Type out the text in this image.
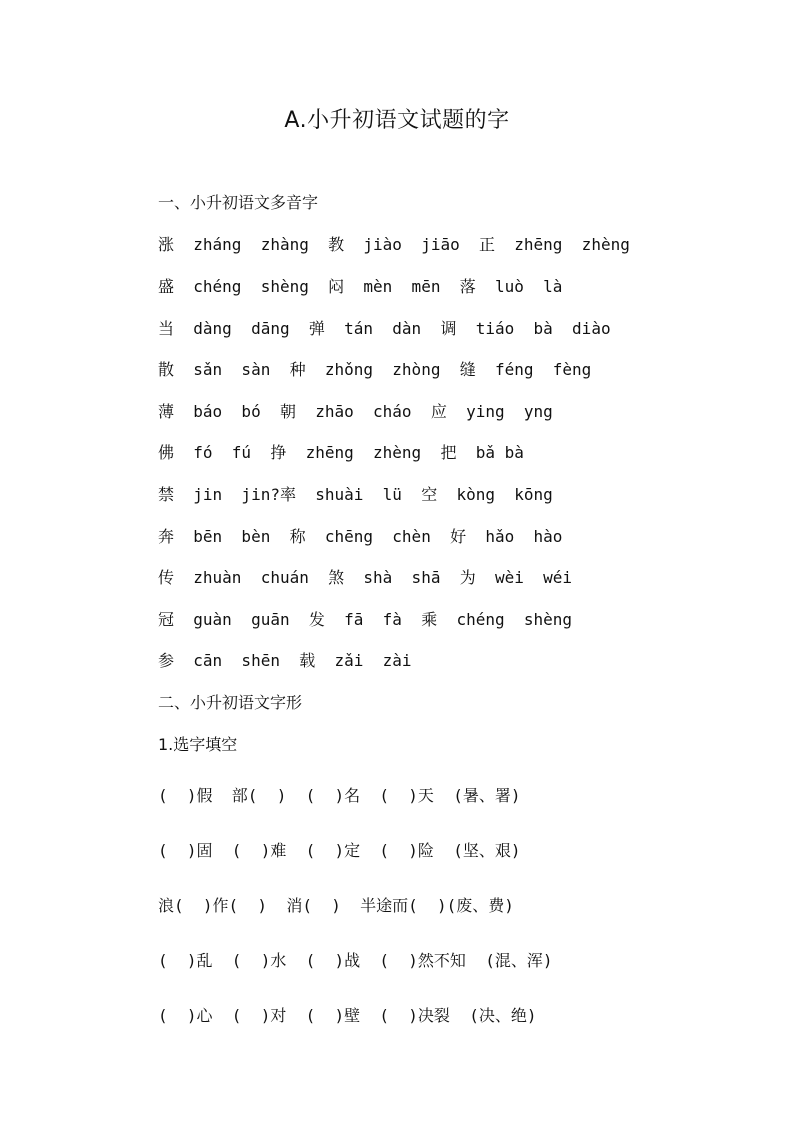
A.小升初语文试题的字
一、小升初语文多音字
涨  zháng  zhàng  教  jiào  jiāo  正  zhēng  zhèng
盛  chéng  shèng  闷  mèn  mēn  落  luò  là
当  dàng  dāng  弹  tán  dàn  调  tiáo  bà  diào
散  sǎn  sàn  种  zhǒng  zhòng  缝  féng  fèng
薄  báo  bó  朝  zhāo  cháo  应  ying  yng
佛  fó  fú  挣  zhēng  zhèng  把  bǎ bà
禁  jin  jin?率  shuài  lü  空  kòng  kōng
奔  bēn  bèn  称  chēng  chèn  好  hǎo  hào
传  zhuàn  chuán  煞  shà  shā  为  wèi  wéi
冠  guàn  guān  发  fā  fà  乘  chéng  shèng
参  cān  shēn  载  zǎi  zài
二、小升初语文字形
1.选字填空
(  )假  部(  )  (  )名  (  )天  (暑、署)
(  )固  (  )难  (  )定  (  )险  (坚、艰)
浪(  )作(  )  消(  )  半途而(  )(废、费)
(  )乱  (  )水  (  )战  (  )然不知  (混、浑)
(  )心  (  )对  (  )壁  (  )决裂  (决、绝)
